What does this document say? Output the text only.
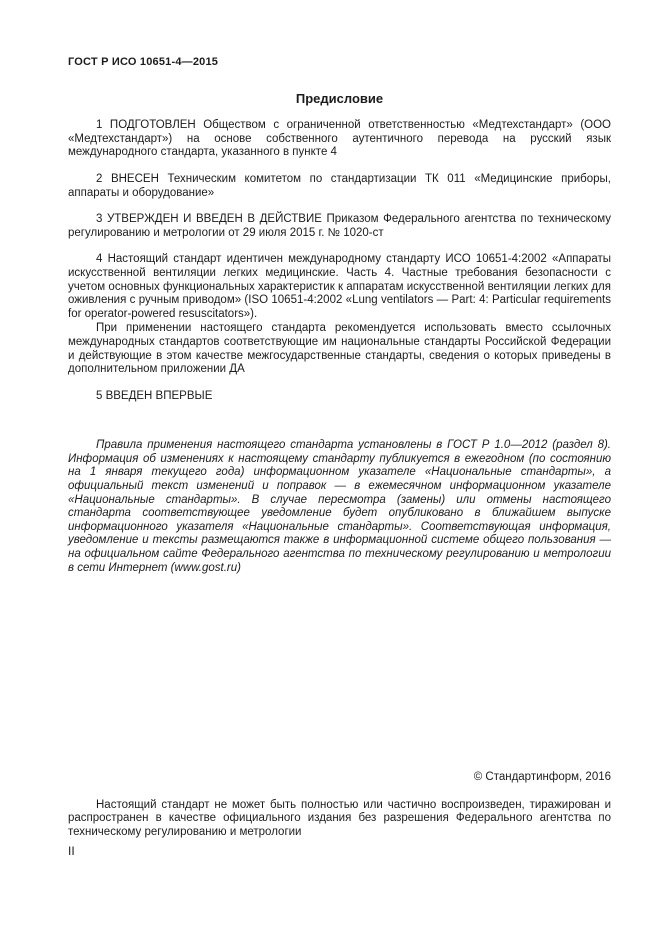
ГОСТ Р ИСО 10651-4—2015
Предисловие

1 ПОДГОТОВЛЕН Обществом с ограниченной ответственностью «Медтехстандарт» (ООО «Медтехстандарт») на основе собственного аутентичного перевода на русский язык международного стандарта, указанного в пункте 4

2 ВНЕСЕН Техническим комитетом по стандартизации ТК 011 «Медицинские приборы, аппараты и оборудование»

3 УТВЕРЖДЕН И ВВЕДЕН В ДЕЙСТВИЕ Приказом Федерального агентства по техническому регулированию и метрологии от 29 июля 2015 г. № 1020-ст

4 Настоящий стандарт идентичен международному стандарту ИСО 10651-4:2002 «Аппараты искусственной вентиляции легких медицинские. Часть 4. Частные требования безопасности с учетом основных функциональных характеристик к аппаратам искусственной вентиляции легких для оживления с ручным приводом» (ISO 10651-4:2002 «Lung ventilators — Part: 4: Particular requirements for operator-powered resuscitators»).

При применении настоящего стандарта рекомендуется использовать вместо ссылочных международных стандартов соответствующие им национальные стандарты Российской Федерации и действующие в этом качестве межгосударственные стандарты, сведения о которых приведены в дополнительном приложении ДА

5 ВВЕДЕН ВПЕРВЫЕ

Правила применения настоящего стандарта установлены в ГОСТ Р 1.0—2012 (раздел 8). Информация об изменениях к настоящему стандарту публикуется в ежегодном (по состоянию на 1 января текущего года) информационном указателе «Национальные стандарты», а официальный текст изменений и поправок — в ежемесячном информационном указателе «Национальные стандарты». В случае пересмотра (замены) или отмены настоящего стандарта соответствующее уведомление будет опубликовано в ближайшем выпуске информационного указателя «Национальные стандарты». Соответствующая информация, уведомление и тексты размещаются также в информационной системе общего пользования — на официальном сайте Федерального агентства по техническому регулированию и метрологии в сети Интернет (www.gost.ru)
© Стандартинформ, 2016

Настоящий стандарт не может быть полностью или частично воспроизведен, тиражирован и распространен в качестве официального издания без разрешения Федерального агентства по техническому регулированию и метрологии

II
